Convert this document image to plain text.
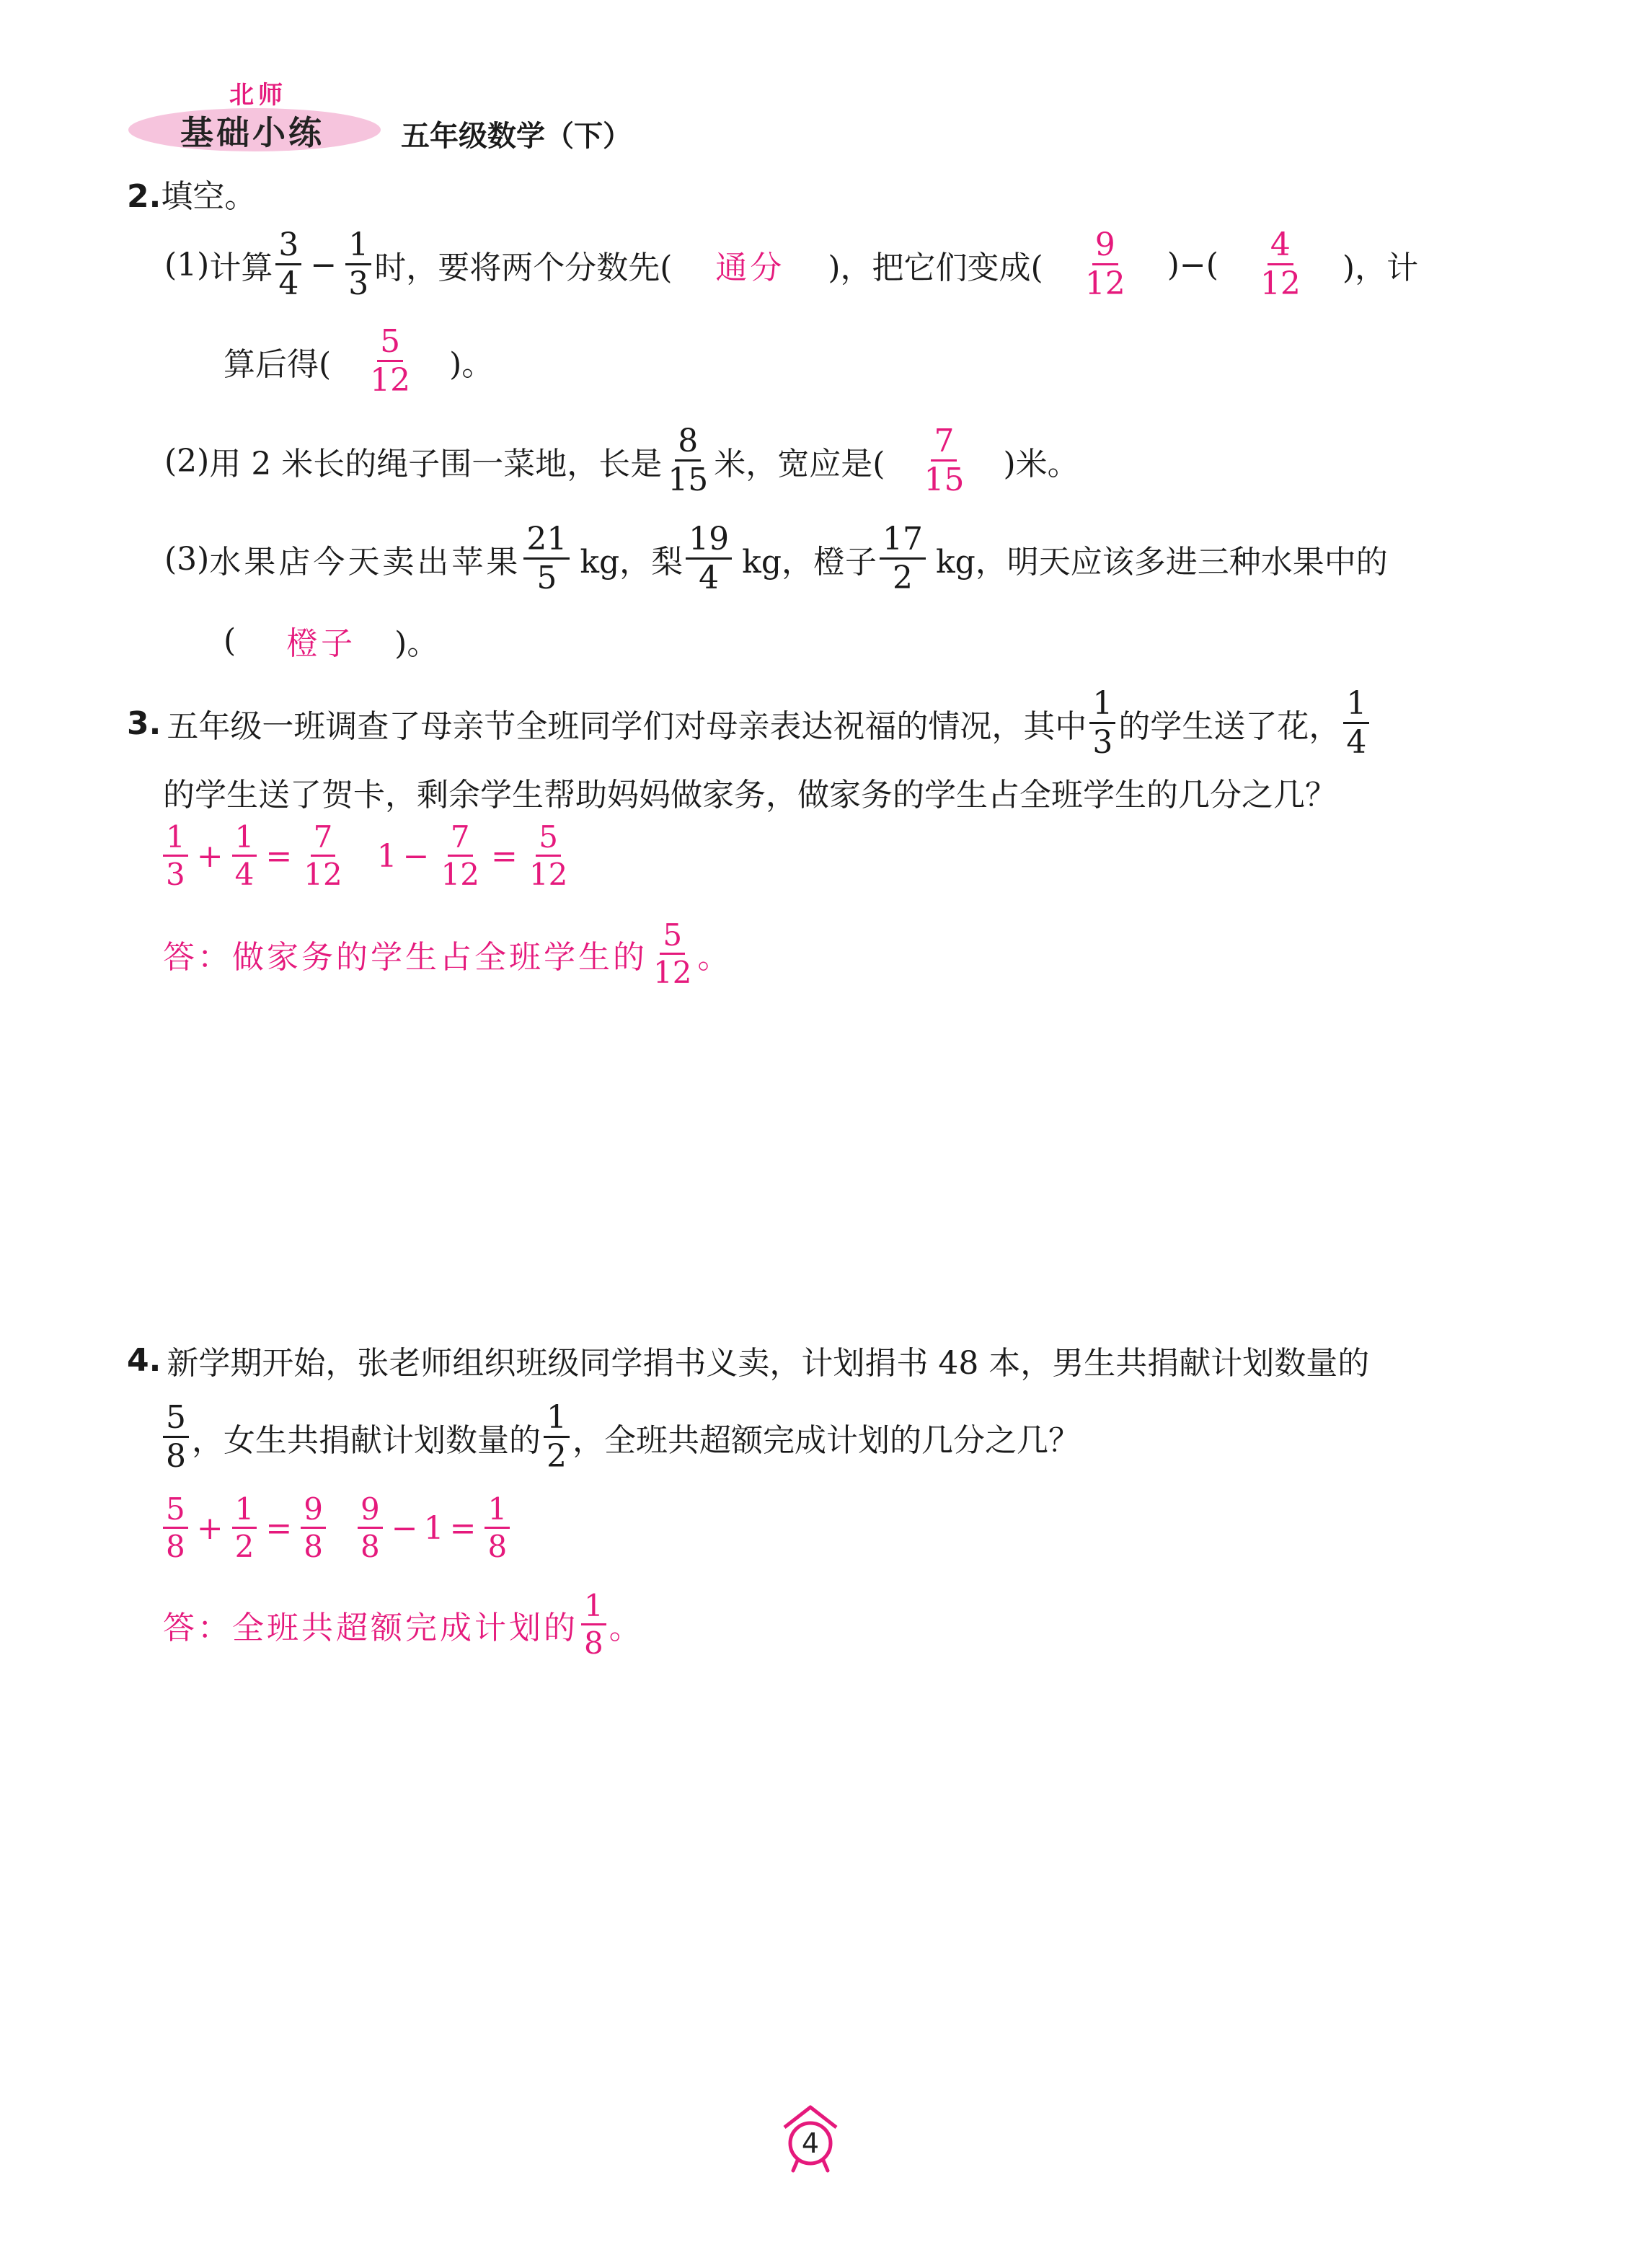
北师
基础小练	五年级数学（下）
2.填空。
(1) 计算 $\frac{3}{4} - \frac{1}{3}$ 时，要将两个分数先( 通分 )，把它们变成( $\frac{9}{12}$ )−( $\frac{4}{12}$ )，计
算后得( $\frac{5}{12}$ )。
(2) 用 2 米长的绳子围一菜地，长是 $\frac{8}{15}$ 米，宽应是( $\frac{7}{15}$ )米。
(3) 水果店今天卖出苹果 $\frac{21}{5}$ kg，梨 $\frac{19}{4}$ kg，橙子 $\frac{17}{2}$ kg，明天应该多进三种水果中的
( 橙子 )。
3. 五年级一班调查了母亲节全班同学们对母亲表达祝福的情况，其中 $\frac{1}{3}$ 的学生送了花， $\frac{1}{4}$
的学生送了贺卡，剩余学生帮助妈妈做家务，做家务的学生占全班学生的几分之几？
$\frac{1}{3} + \frac{1}{4} = \frac{7}{12} 1 - \frac{7}{12} = \frac{5}{12}$
答：做家务的学生占全班学生的 $\frac{5}{12}$ 。
4. 新学期开始，张老师组织班级同学捐书义卖，计划捐书 48 本，男生共捐献计划数量的
$\frac{5}{8}$ ，女生共捐献计划数量的 $\frac{1}{2}$ ，全班共超额完成计划的几分之几？
$\frac{5}{8} + \frac{1}{2} = \frac{9}{8} \frac{9}{8} - 1 = \frac{1}{8}$
答：全班共超额完成计划的 $\frac{1}{8}$ 。
4
